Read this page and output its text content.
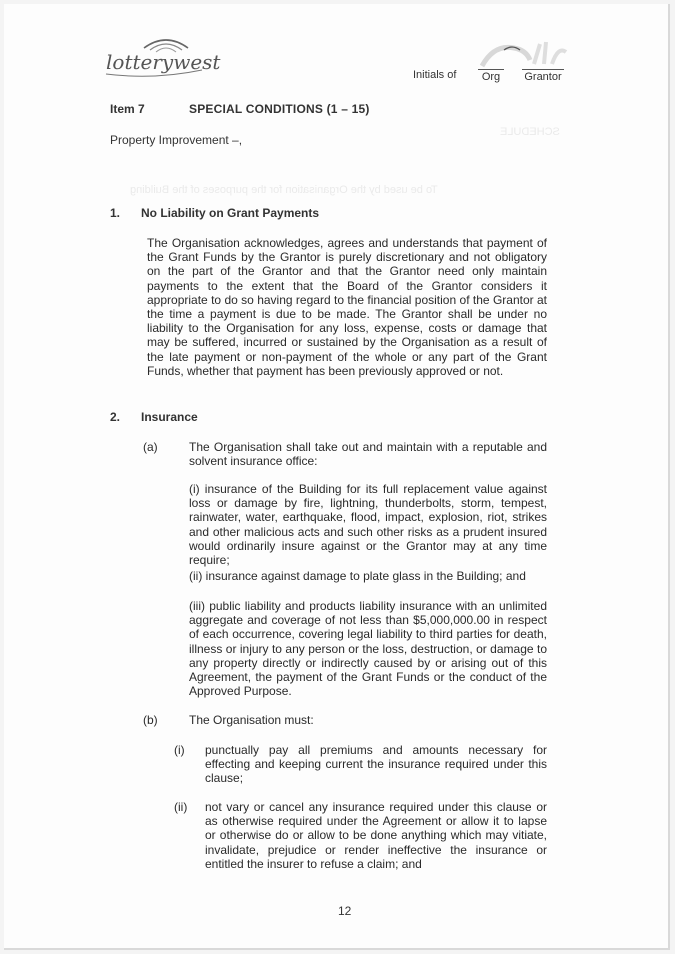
SCHEDULE
To be used by the Organisation for the purposes of the Building
lotterywest
Initials of	Org	Grantor
Item 7	SPECIAL CONDITIONS (1 – 15)
Property Improvement –,
1. No Liability on Grant Payments
The Organisation acknowledges, agrees and understands that payment of the Grant Funds by the Grantor is purely discretionary and not obligatory on the part of the Grantor and that the Grantor need only maintain payments to the extent that the Board of the Grantor considers it appropriate to do so having regard to the financial position of the Grantor at the time a payment is due to be made. The Grantor shall be under no liability to the Organisation for any loss, expense, costs or damage that may be suffered, incurred or sustained by the Organisation as a result of the late payment or non-payment of the whole or any part of the Grant Funds, whether that payment has been previously approved or not.
2. Insurance
(a)	The Organisation shall take out and maintain with a reputable and solvent insurance office:
(i) insurance of the Building for its full replacement value against loss or damage by fire, lightning, thunderbolts, storm, tempest, rainwater, water, earthquake, flood, impact, explosion, riot, strikes and other malicious acts and such other risks as a prudent insured would ordinarily insure against or the Grantor may at any time require;
(ii) insurance against damage to plate glass in the Building; and
(iii) public liability and products liability insurance with an unlimited aggregate and coverage of not less than $5,000,000.00 in respect of each occurrence, covering legal liability to third parties for death, illness or injury to any person or the loss, destruction, or damage to any property directly or indirectly caused by or arising out of this Agreement, the payment of the Grant Funds or the conduct of the Approved Purpose.
(b)	The Organisation must:
(i) punctually pay all premiums and amounts necessary for effecting and keeping current the insurance required under this clause;
(ii) not vary or cancel any insurance required under this clause or as otherwise required under the Agreement or allow it to lapse or otherwise do or allow to be done anything which may vitiate, invalidate, prejudice or render ineffective the insurance or entitled the insurer to refuse a claim; and
12
